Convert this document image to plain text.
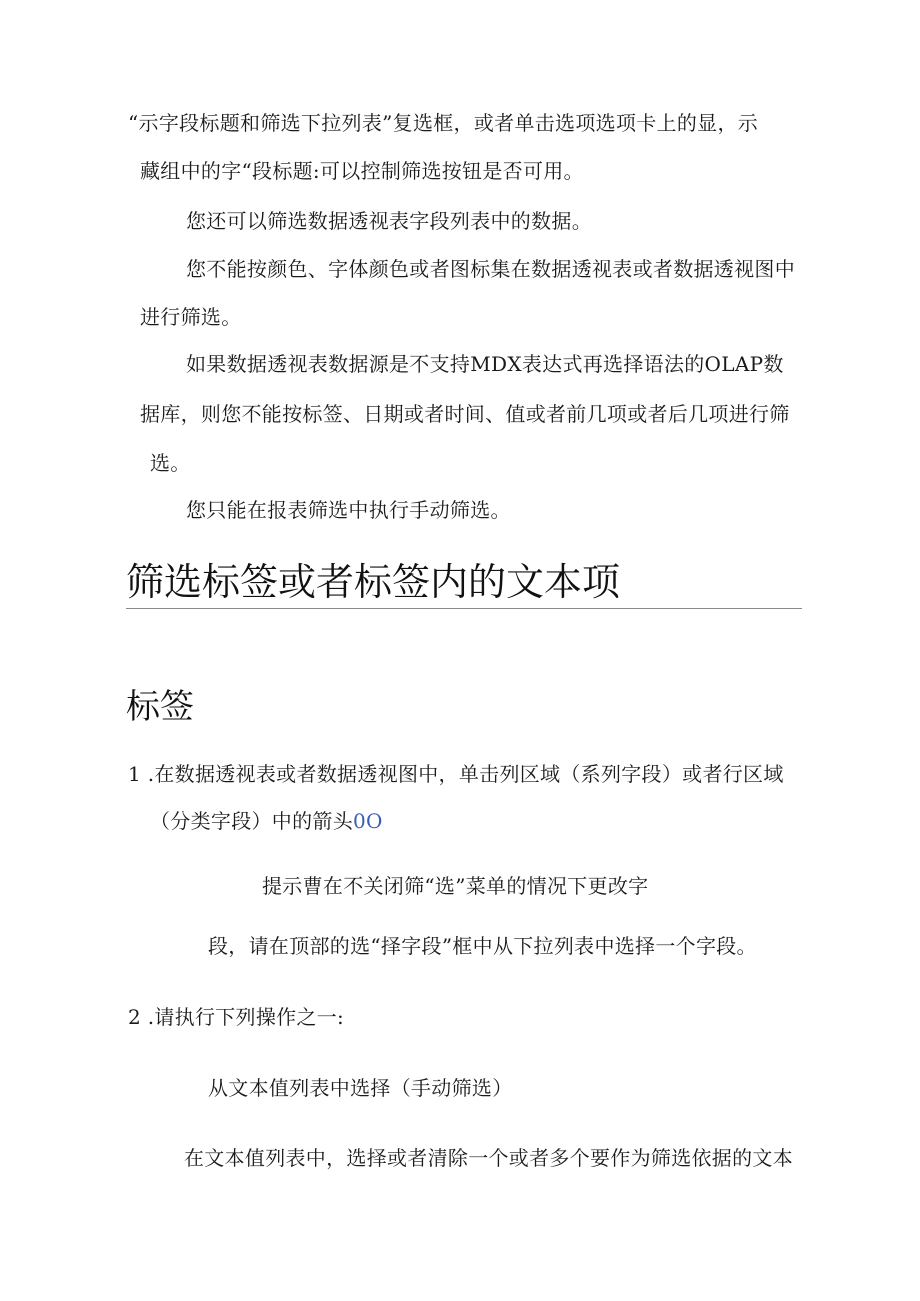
“示字段标题和筛选下拉列表”复选框，或者单击选项选项卡上的显，示
藏组中的字“段标题:可以控制筛选按钮是否可用。
您还可以筛选数据透视表字段列表中的数据。
您不能按颜色、字体颜色或者图标集在数据透视表或者数据透视图中
进行筛选。
如果数据透视表数据源是不支持MDX表达式再选择语法的OLAP数
据库，则您不能按标签、日期或者时间、值或者前几项或者后几项进行筛
选。
您只能在报表筛选中执行手动筛选。
筛选标签或者标签内的文本项
标签
1 .在数据透视表或者数据透视图中，单击列区域（系列字段）或者行区域
（分类字段）中的箭头0O
提示曹在不关闭筛“选”菜单的情况下更改字
段，请在顶部的选“择字段”框中从下拉列表中选择一个字段。
2 .请执行下列操作之一:
从文本值列表中选择（手动筛选）
在文本值列表中，选择或者清除一个或者多个要作为筛选依据的文本
